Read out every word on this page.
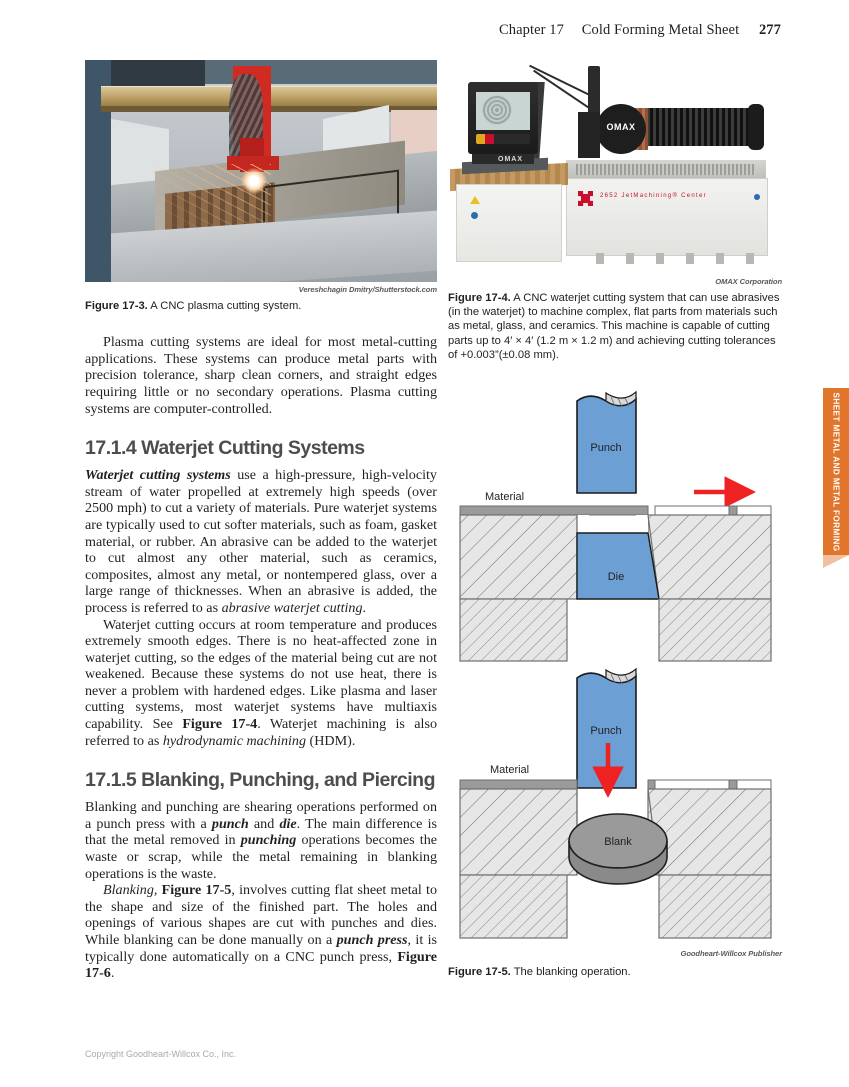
Chapter 17 Cold Forming Metal Sheet 277
Vereshchagin Dmitry/Shutterstock.com
Figure 17-3. A CNC plasma cutting system.

Plasma cutting systems are ideal for most metal-cutting applications. These systems can produce metal parts with precision tolerance, sharp clean corners, and straight edges requiring little or no secondary operations. Plasma cutting systems are computer-controlled.

17.1.4 Waterjet Cutting Systems

Waterjet cutting systems use a high-pressure, high-velocity stream of water propelled at extremely high speeds (over 2500 mph) to cut a variety of materials. Pure waterjet systems are typically used to cut softer materials, such as foam, gasket material, or rubber. An abrasive can be added to the waterjet to cut almost any other material, such as ceramics, composites, almost any metal, or nontempered glass, over a large range of thicknesses. When an abrasive is added, the process is referred to as abrasive waterjet cutting.

Waterjet cutting occurs at room temperature and produces extremely smooth edges. There is no heat-affected zone in waterjet cutting, so the edges of the material being cut are not weakened. Because these systems do not use heat, there is never a problem with hardened edges. Like plasma and laser cutting systems, most waterjet systems have multiaxis capability. See Figure 17-4. Waterjet machining is also referred to as hydrodynamic machining (HDM).

17.1.5 Blanking, Punching, and Piercing

Blanking and punching are shearing operations performed on a punch press with a punch and die. The main difference is that the metal removed in punching operations becomes the waste or scrap, while the metal remaining in blanking operations is the waste.

Blanking, Figure 17-5, involves cutting flat sheet metal to the shape and size of the finished part. The holes and openings of various shapes are cut with punches and dies. While blanking can be done manually on a punch press, it is typically done automatically on a CNC punch press, Figure 17-6.

OMAX
2652 JetMachining® Center
OMAX
OMAX Corporation
Figure 17-4. A CNC waterjet cutting system that can use abrasives (in the waterjet) to machine complex, flat parts from materials such as metal, glass, and ceramics. This machine is capable of cutting parts up to 4′ × 4′ (1.2 m × 1.2 m) and achieving cutting tolerances of +0.003”(±0.08 mm).
Punch
Material
Die
Punch
Material
Blank
Goodheart-Willcox Publisher
Figure 17-5. The blanking operation.
SHEET METAL AND METAL FORMING
Copyright Goodheart-Willcox Co., Inc.
